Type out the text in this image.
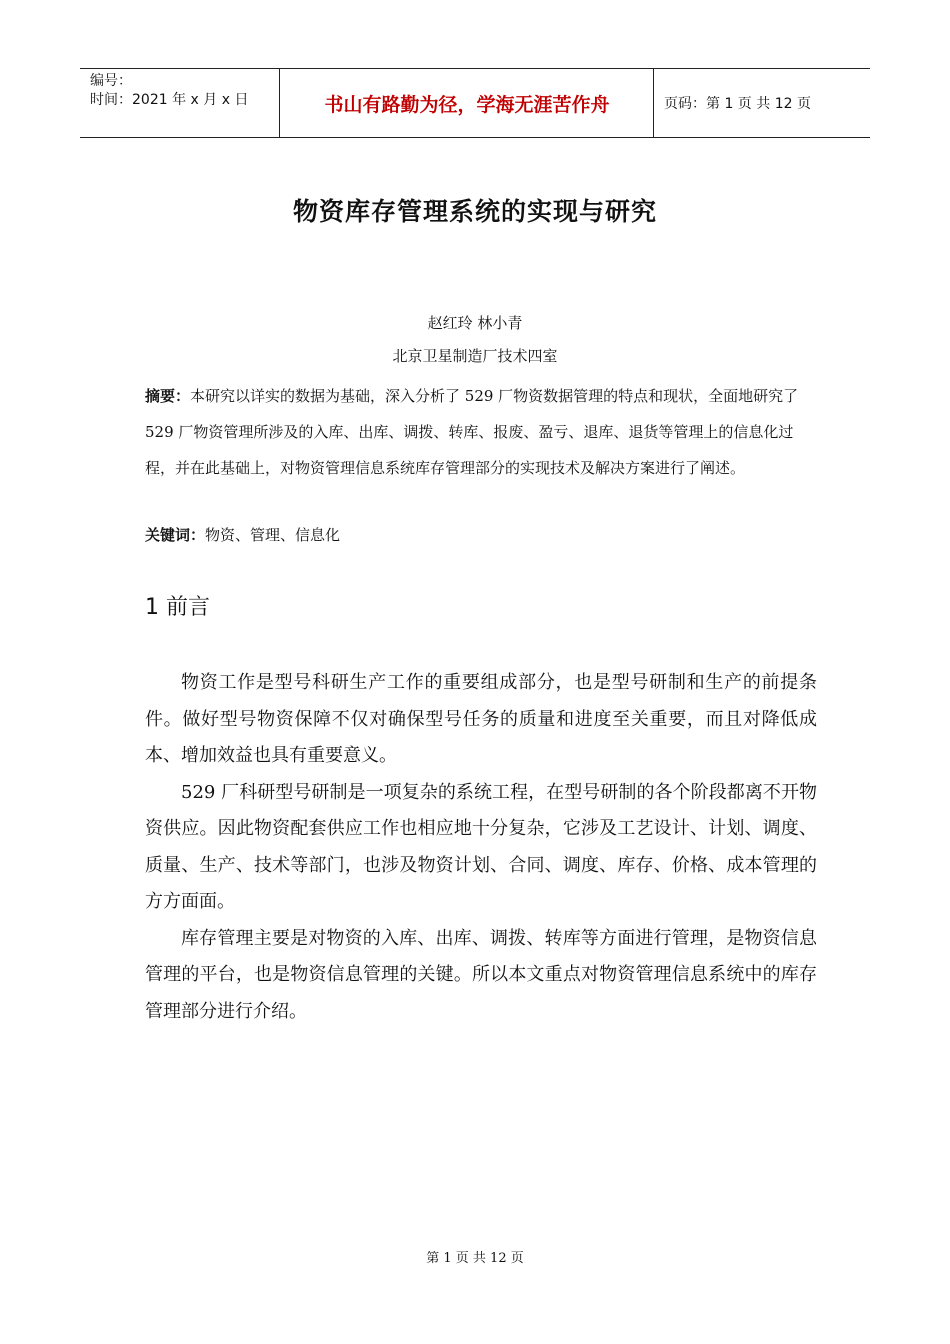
编号：
时间：2021 年 x 月 x 日	书山有路勤为径，学海无涯苦作舟	页码：第 1 页 共 12 页
物资库存管理系统的实现与研究
赵红玲 林小青
北京卫星制造厂技术四室
摘要：本研究以详实的数据为基础，深入分析了 529 厂物资数据管理的特点和现状，全面地研究了 529 厂物资管理所涉及的入库、出库、调拨、转库、报废、盈亏、退库、退货等管理上的信息化过程，并在此基础上，对物资管理信息系统库存管理部分的实现技术及解决方案进行了阐述。
关键词：物资、管理、信息化
1 前言

物资工作是型号科研生产工作的重要组成部分，也是型号研制和生产的前提条件。做好型号物资保障不仅对确保型号任务的质量和进度至关重要，而且对降低成本、增加效益也具有重要意义。

529 厂科研型号研制是一项复杂的系统工程，在型号研制的各个阶段都离不开物资供应。因此物资配套供应工作也相应地十分复杂，它涉及工艺设计、计划、调度、质量、生产、技术等部门，也涉及物资计划、合同、调度、库存、价格、成本管理的方方面面。

库存管理主要是对物资的入库、出库、调拨、转库等方面进行管理，是物资信息管理的平台，也是物资信息管理的关键。所以本文重点对物资管理信息系统中的库存管理部分进行介绍。

第 1 页 共 12 页
